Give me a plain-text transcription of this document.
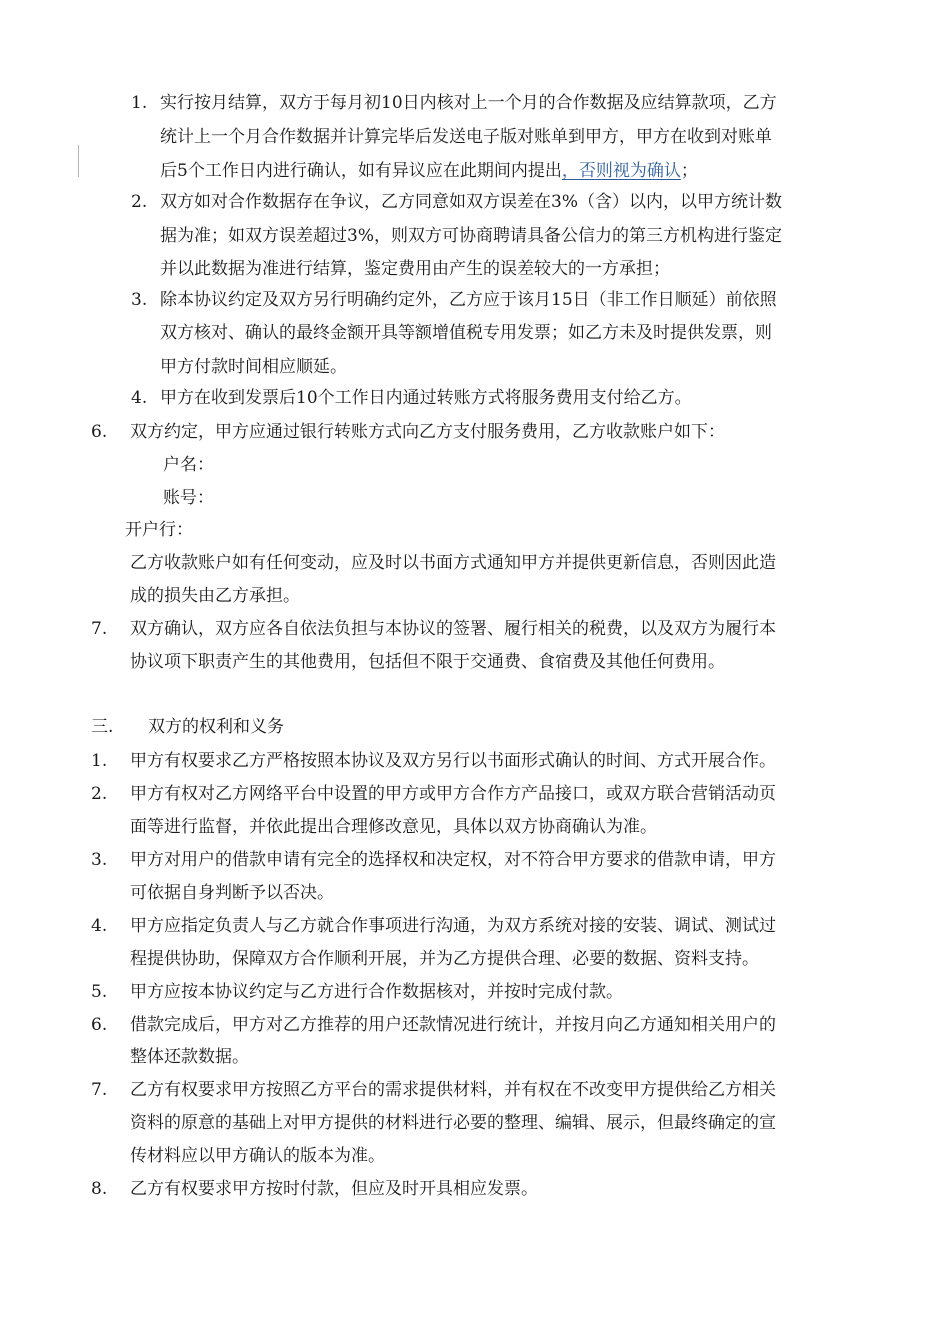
1. 实行按月结算，双方于每月初10日内核对上一个月的合作数据及应结算款项，乙方
统计上一个月合作数据并计算完毕后发送电子版对账单到甲方，甲方在收到对账单
后5个工作日内进行确认，如有异议应在此期间内提出，否则视为确认；
2. 双方如对合作数据存在争议，乙方同意如双方误差在3%（含）以内，以甲方统计数
据为准；如双方误差超过3%，则双方可协商聘请具备公信力的第三方机构进行鉴定
并以此数据为准进行结算，鉴定费用由产生的误差较大的一方承担；
3. 除本协议约定及双方另行明确约定外，乙方应于该月15日（非工作日顺延）前依照
双方核对、确认的最终金额开具等额增值税专用发票；如乙方未及时提供发票，则
甲方付款时间相应顺延。
4. 甲方在收到发票后10个工作日内通过转账方式将服务费用支付给乙方。
6. 双方约定，甲方应通过银行转账方式向乙方支付服务费用，乙方收款账户如下：
户名：
账号：
开户行：
乙方收款账户如有任何变动，应及时以书面方式通知甲方并提供更新信息，否则因此造
成的损失由乙方承担。
7. 双方确认，双方应各自依法负担与本协议的签署、履行相关的税费，以及双方为履行本
协议项下职责产生的其他费用，包括但不限于交通费、食宿费及其他任何费用。
三. 双方的权利和义务
1. 甲方有权要求乙方严格按照本协议及双方另行以书面形式确认的时间、方式开展合作。
2. 甲方有权对乙方网络平台中设置的甲方或甲方合作方产品接口，或双方联合营销活动页
面等进行监督，并依此提出合理修改意见，具体以双方协商确认为准。
3. 甲方对用户的借款申请有完全的选择权和决定权，对不符合甲方要求的借款申请，甲方
可依据自身判断予以否决。
4. 甲方应指定负责人与乙方就合作事项进行沟通，为双方系统对接的安装、调试、测试过
程提供协助，保障双方合作顺利开展，并为乙方提供合理、必要的数据、资料支持。
5. 甲方应按本协议约定与乙方进行合作数据核对，并按时完成付款。
6. 借款完成后，甲方对乙方推荐的用户还款情况进行统计，并按月向乙方通知相关用户的
整体还款数据。
7. 乙方有权要求甲方按照乙方平台的需求提供材料，并有权在不改变甲方提供给乙方相关
资料的原意的基础上对甲方提供的材料进行必要的整理、编辑、展示，但最终确定的宣
传材料应以甲方确认的版本为准。
8. 乙方有权要求甲方按时付款，但应及时开具相应发票。
